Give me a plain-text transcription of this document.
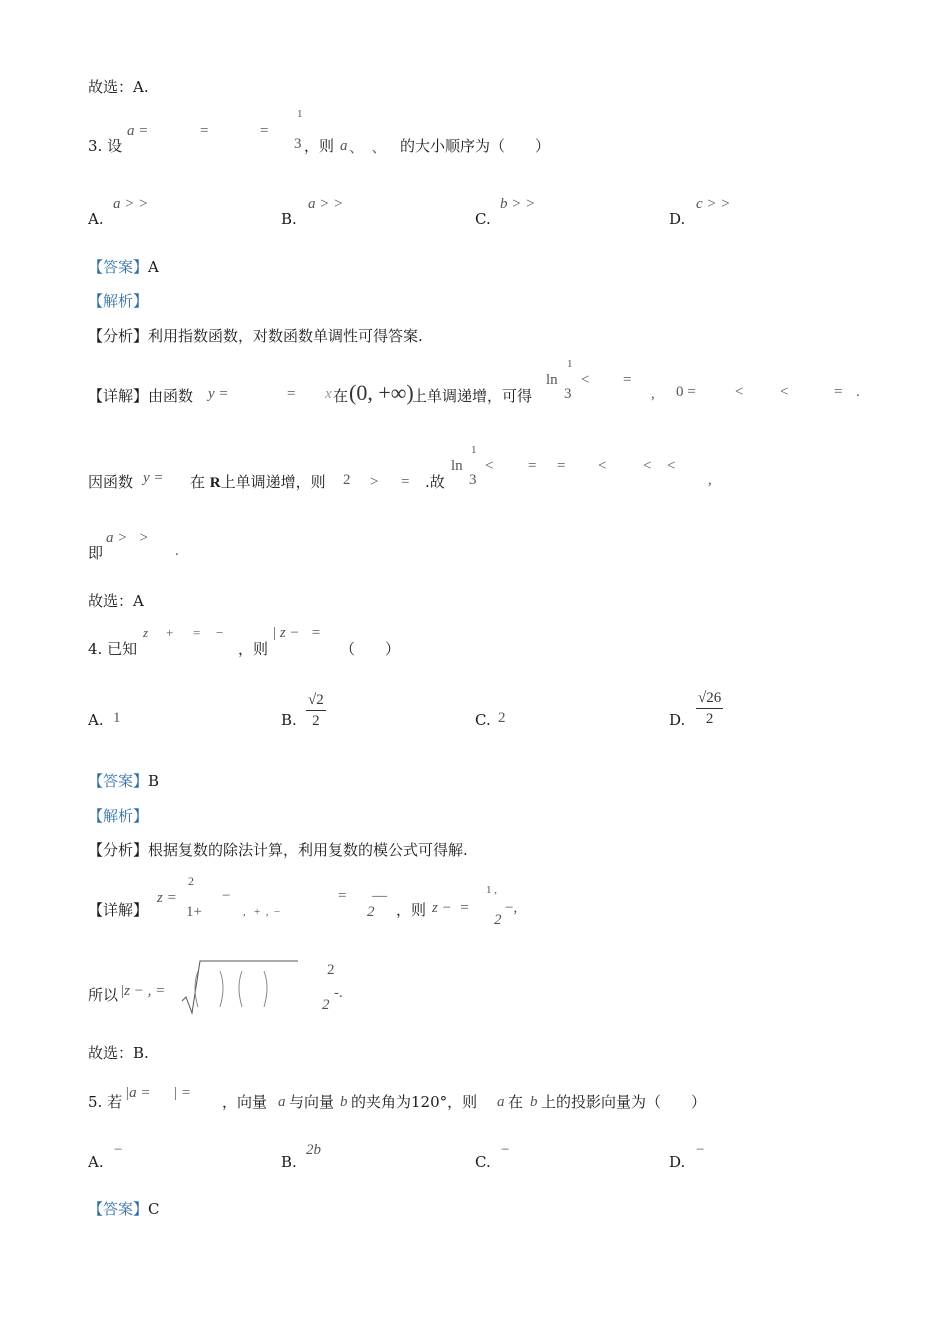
故选：A.
3. 设
a =	=	=
1
3 ，则 a 、　、 的大小顺序为（　　）
A.
a > >
B.
a > >
C.
b > >
D.
c > >
【答案】A
【解析】
【分析】利用指数函数，对数函数单调性可得答案.
【详解】由函数 y =	= x 在 (0, +∞)
上单调递增，可得
ln
1
3
< =
, 0 =	< <	= .
因函数 y = 在 R上单调递增，则 2 > = .故
ln
1
3
< = = < < <
,
即
a >   >
.
故选：A
4. 已知
z + = −
，则
| z −   =
（　　）
A. 1	B. $\frac{√2}{2}$	C. 2	D. $\frac{√26}{2}$
【答案】B
【解析】
【分析】根据复数的除法计算，利用复数的模公式可得解.
【详解】
z =
2
1+
−
,   +  ,  −
= —
2 ，则 z −  =
1 ,
2
−,
所以 |z − , =
2
2
-.
故选：B.
5. 若 |a =      | = ，向量 a 与向量 b 的夹角为120°，则 a 在 b 上的投影向量为（　　）
A.
−
B.
2b
C.
−
D.
−
【答案】C
